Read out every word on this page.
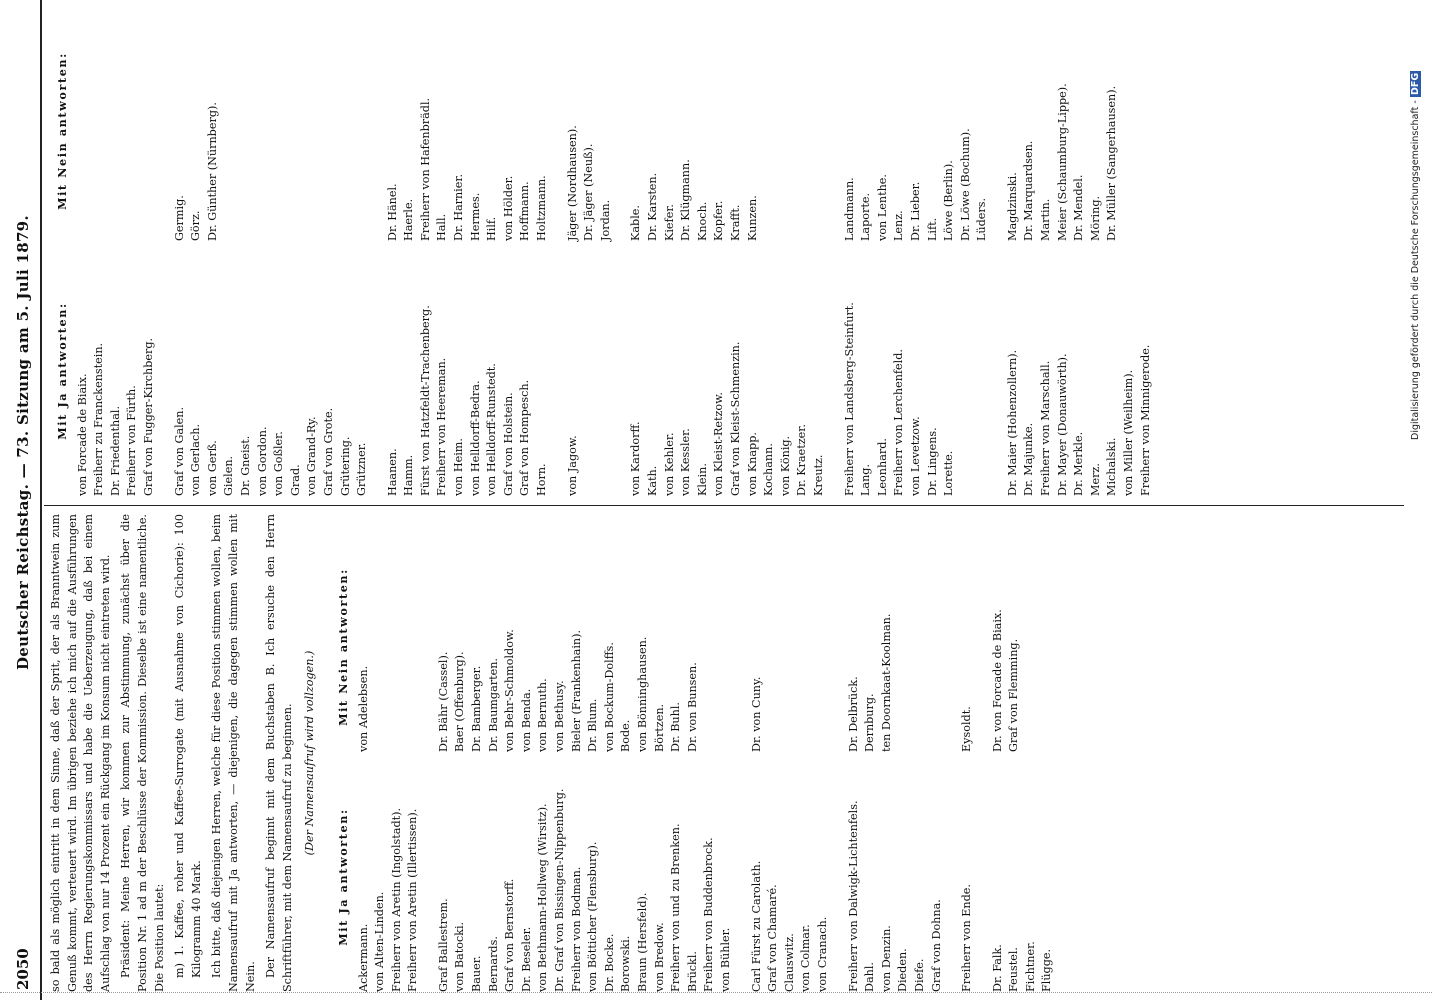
2050
Deutscher Reichstag. — 73. Sitzung am 5. Juli 1879.

so bald als möglich eintritt in dem Sinne, daß der Sprit, der als Branntwein zum Genuß kommt, verteuert wird. Im übrigen beziehe ich mich auf die Ausführungen des Herrn Regierungskommissars und habe die Ueberzeugung, daß bei einem Aufschlag von nur 14 Prozent ein Rückgang im Konsum nicht eintreten wird. Präsident: Meine Herren, wir kommen zur Abstimmung, zunächst über die Position Nr. 1 ad m der Beschlüsse der Kommission. Dieselbe ist eine namentliche. Die Position lautet: m) 1. Kaffee, roher und Kaffee-Surrogate (mit Ausnahme von Cichorie): 100 Kilogramm 40 Mark. Ich bitte, daß diejenigen Herren, welche für diese Position stimmen wollen, beim Namensaufruf mit Ja antworten, — diejenigen, die dagegen stimmen wollen mit Nein. Der Namensaufruf beginnt mit dem Buchstaben B. Ich ersuche den Herrn Schriftführer, mit dem Namensaufruf zu beginnen. (Der Namensaufruf wird vollzogen.)
Mit Ja antworten:
Mit Nein antworten:
Ackermann. von Alten-Linden. Freiherr von Aretin (Ingolstadt). Freiherr von Aretin (Illertissen).
von Adelebsen.
Graf Ballestrem. von Batocki. Bauer. Bernards. Graf von Bernstorff. Dr. Beseler. von Bethmann-Hollweg (Wirsitz). Dr. Graf von Bissingen-Nippenburg. Freiherr von Bodman. von Bötticher (Flensburg). Dr. Bocke. Borowski. Braun (Hersfeld). von Bredow. Freiherr von und zu Brenken. Brückl. Freiherr von Buddenbrock. von Bühler.
Dr. Bähr (Cassel). Baer (Offenburg). Dr. Bamberger. Dr. Baumgarten. von Behr-Schmoldow. von Benda. von Bernuth. von Bethusy. Bieler (Frankenhain). Dr. Blum. von Bockum-Dolffs. Bode. von Bönninghausen. Börtzen. Dr. Buhl. Dr. von Bunsen.
Carl Fürst zu Carolath. Graf von Chamaré. Clauswitz. von Colmar. von Cranach.
Dr. von Cuny.
Freiherr von Dalwigk-Lichtenfels. Dahl. von Denzin. Dieden. Diefe. Graf von Dohna.
Dr. Delbrück. Dernburg. ten Doornkaat-Koolman.
Freiherr von Ende.
Eysoldt.
Dr. Falk. Feustel. Fichtner. Flügge.
Dr. von Forcade de Biaix. Graf von Flemming.
Mit Ja antworten:
Mit Nein antworten:
von Forcade de Biaix. Freiherr zu Franckenstein. Dr. Friedenthal. Freiherr von Fürth. Graf von Fugger-Kirchberg. Graf von Galen. von Gerlach. von Gerß. Gielen. Dr. Gneist. von Gordon. von Goßler. Grad. von Grand-Ry. Graf von Grote. Grütering. Grützner.
Germig. Görz. Dr. Günther (Nürnberg).
Haanen. Hamm. Fürst von Hatzfeldt-Trachenberg. Freiherr von Heereman. von Heim. von Helldorff-Bedra. von Helldorff-Runstedt. Graf von Holstein. Graf von Hompesch. Horn.
Dr. Hänel. Haerle. Freiherr von Hafenbrädl. Hall. Dr. Harnier. Hermes. Hilf. von Hölder. Hoffmann. Holtzmann.
von Jagow.
Jäger (Nordhausen). Dr. Jäger (Neuß). Jordan.
von Kardorff. Kath. von Kehler. von Kessler. Klein. von Kleist-Retzow. Graf von Kleist-Schmenzin. von Knapp. Kochann. von König. Dr. Kraetzer. Kreutz.
Kable. Dr. Karsten. Kiefer. Dr. Klügmann. Knoch. Kopfer. Krafft. Kunzen.
Freiherr von Landsberg-Steinfurt. Lang. Leonhard. Freiherr von Lerchenfeld. von Levetzow. Dr. Lingens. Lorette.
Landmann. Laporte. von Lenthe. Lenz. Dr. Lieber. Lift. Löwe (Berlin). Dr. Löwe (Bochum). Lüders.
Dr. Maier (Hohenzollern). Dr. Majunke. Freiherr von Marschall. Dr. Mayer (Donauwörth). Dr. Merkle. Merz. Michalski. von Miller (Weilheim). Freiherr von Minnigerode.
Magdzinski. Dr. Marquardsen. Martin. Meier (Schaumburg-Lippe). Dr. Mendel. Möring. Dr. Müller (Sangerhausen).	Digitalisierung gefördert durch die Deutsche Forschungsgemeinschaft - DFG
